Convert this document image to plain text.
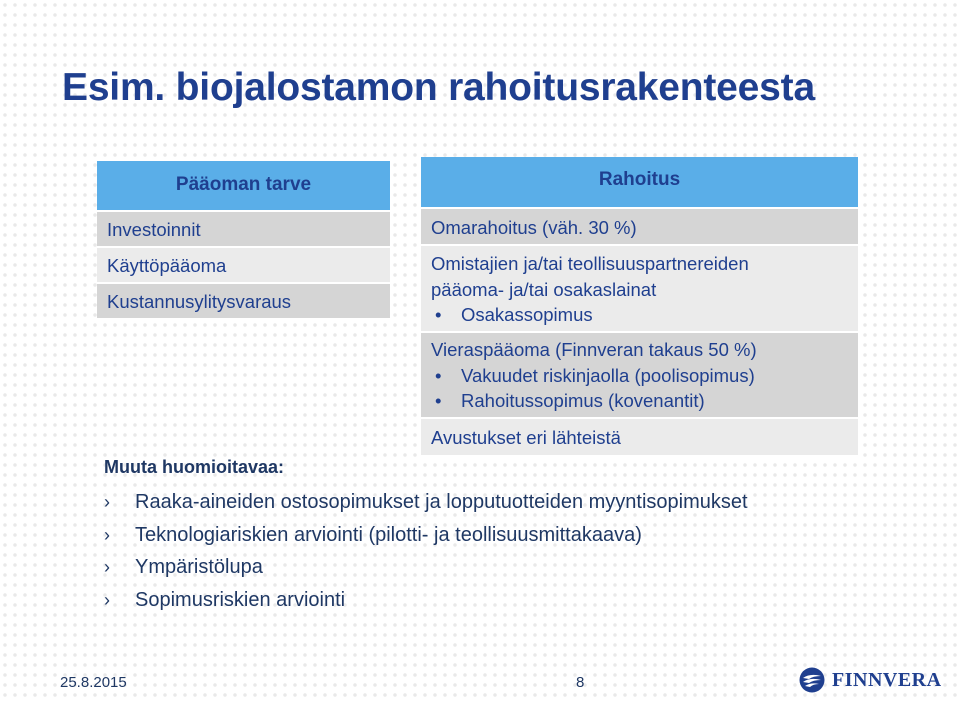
Esim. biojalostamon rahoitusrakenteesta
Pääoman tarve
Investoinnit
Käyttöpääoma
Kustannusylitysvaraus
Rahoitus
Omarahoitus (väh. 30 %)
Omistajien ja/tai teollisuuspartnereiden
pääoma- ja/tai osakaslainat
•	Osakassopimus
Vieraspääoma (Finnveran takaus 50 %)
•	Vakuudet riskinjaolla (poolisopimus)
•	Rahoitussopimus (kovenantit)
Avustukset eri lähteistä
Muuta huomioitavaa:
›	Raaka-aineiden ostosopimukset ja lopputuotteiden myyntisopimukset
›	Teknologiariskien arviointi (pilotti- ja teollisuusmittakaava)
›	Ympäristölupa
›	Sopimusriskien arviointi
25.8.2015	8	FINNVERA
